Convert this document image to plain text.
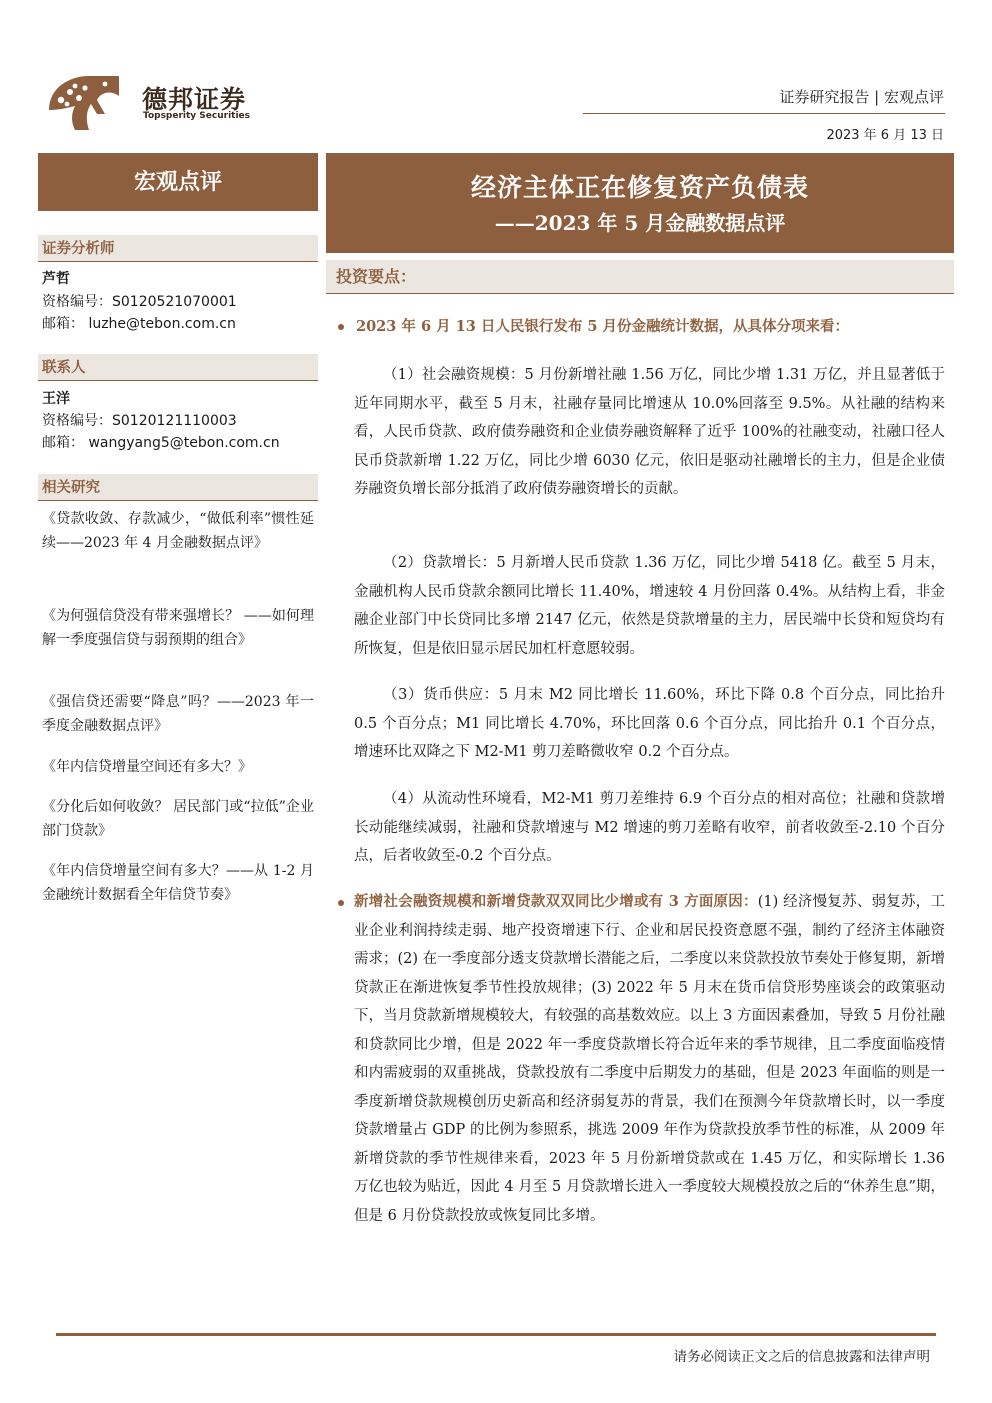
德邦证券
Topsperity Securities
证券研究报告 | 宏观点评
2023 年 6 月 13 日
宏观点评
证券分析师
芦哲
资格编号：S0120521070001
邮箱： luzhe@tebon.com.cn
联系人
王洋
资格编号：S0120121110003
邮箱： wangyang5@tebon.com.cn
相关研究
《贷款收敛、存款减少，“做低利率”惯性延续——2023 年 4 月金融数据点评》
《为何强信贷没有带来强增长？ ——如何理解一季度强信贷与弱预期的组合》
《强信贷还需要“降息”吗？——2023 年一季度金融数据点评》
《年内信贷增量空间还有多大？》
《分化后如何收敛？ 居民部门或“拉低”企业部门贷款》
《年内信贷增量空间有多大？——从 1-2 月金融统计数据看全年信贷节奏》
经济主体正在修复资产负债表
——2023 年 5 月金融数据点评
投资要点：
2023 年 6 月 13 日人民银行发布 5 月份金融统计数据，从具体分项来看：
（1）社会融资规模：5 月份新增社融 1.56 万亿，同比少增 1.31 万亿，并且显著低于近年同期水平，截至 5 月末，社融存量同比增速从 10.0%回落至 9.5%。从社融的结构来看，人民币贷款、政府债券融资和企业债券融资解释了近乎 100%的社融变动，社融口径人民币贷款新增 1.22 万亿，同比少增 6030 亿元，依旧是驱动社融增长的主力，但是企业债券融资负增长部分抵消了政府债券融资增长的贡献。
（2）贷款增长：5 月新增人民币贷款 1.36 万亿，同比少增 5418 亿。截至 5 月末，金融机构人民币贷款余额同比增长 11.40%，增速较 4 月份回落 0.4%。从结构上看，非金融企业部门中长贷同比多增 2147 亿元，依然是贷款增量的主力，居民端中长贷和短贷均有所恢复，但是依旧显示居民加杠杆意愿较弱。
（3）货币供应：5 月末 M2 同比增长 11.60%，环比下降 0.8 个百分点，同比抬升 0.5 个百分点；M1 同比增长 4.70%，环比回落 0.6 个百分点，同比抬升 0.1 个百分点，增速环比双降之下 M2-M1 剪刀差略微收窄 0.2 个百分点。
（4）从流动性环境看，M2-M1 剪刀差维持 6.9 个百分点的相对高位；社融和贷款增长动能继续减弱，社融和贷款增速与 M2 增速的剪刀差略有收窄，前者收敛至-2.10 个百分点，后者收敛至-0.2 个百分点。
新增社会融资规模和新增贷款双双同比少增或有 3 方面原因：(1) 经济慢复苏、弱复苏，工业企业利润持续走弱、地产投资增速下行、企业和居民投资意愿不强，制约了经济主体融资需求；(2) 在一季度部分透支贷款增长潜能之后，二季度以来贷款投放节奏处于修复期，新增贷款正在渐进恢复季节性投放规律；(3) 2022 年 5 月末在货币信贷形势座谈会的政策驱动下，当月贷款新增规模较大，有较强的高基数效应。以上 3 方面因素叠加，导致 5 月份社融和贷款同比少增，但是 2022 年一季度贷款增长符合近年来的季节规律，且二季度面临疫情和内需疲弱的双重挑战，贷款投放有二季度中后期发力的基础，但是 2023 年面临的则是一季度新增贷款规模创历史新高和经济弱复苏的背景，我们在预测今年贷款增长时，以一季度贷款增量占 GDP 的比例为参照系，挑选 2009 年作为贷款投放季节性的标准，从 2009 年新增贷款的季节性规律来看，2023 年 5 月份新增贷款或在 1.45 万亿，和实际增长 1.36 万亿也较为贴近，因此 4 月至 5 月贷款增长进入一季度较大规模投放之后的“休养生息”期，但是 6 月份贷款投放或恢复同比多增。
请务必阅读正文之后的信息披露和法律声明
